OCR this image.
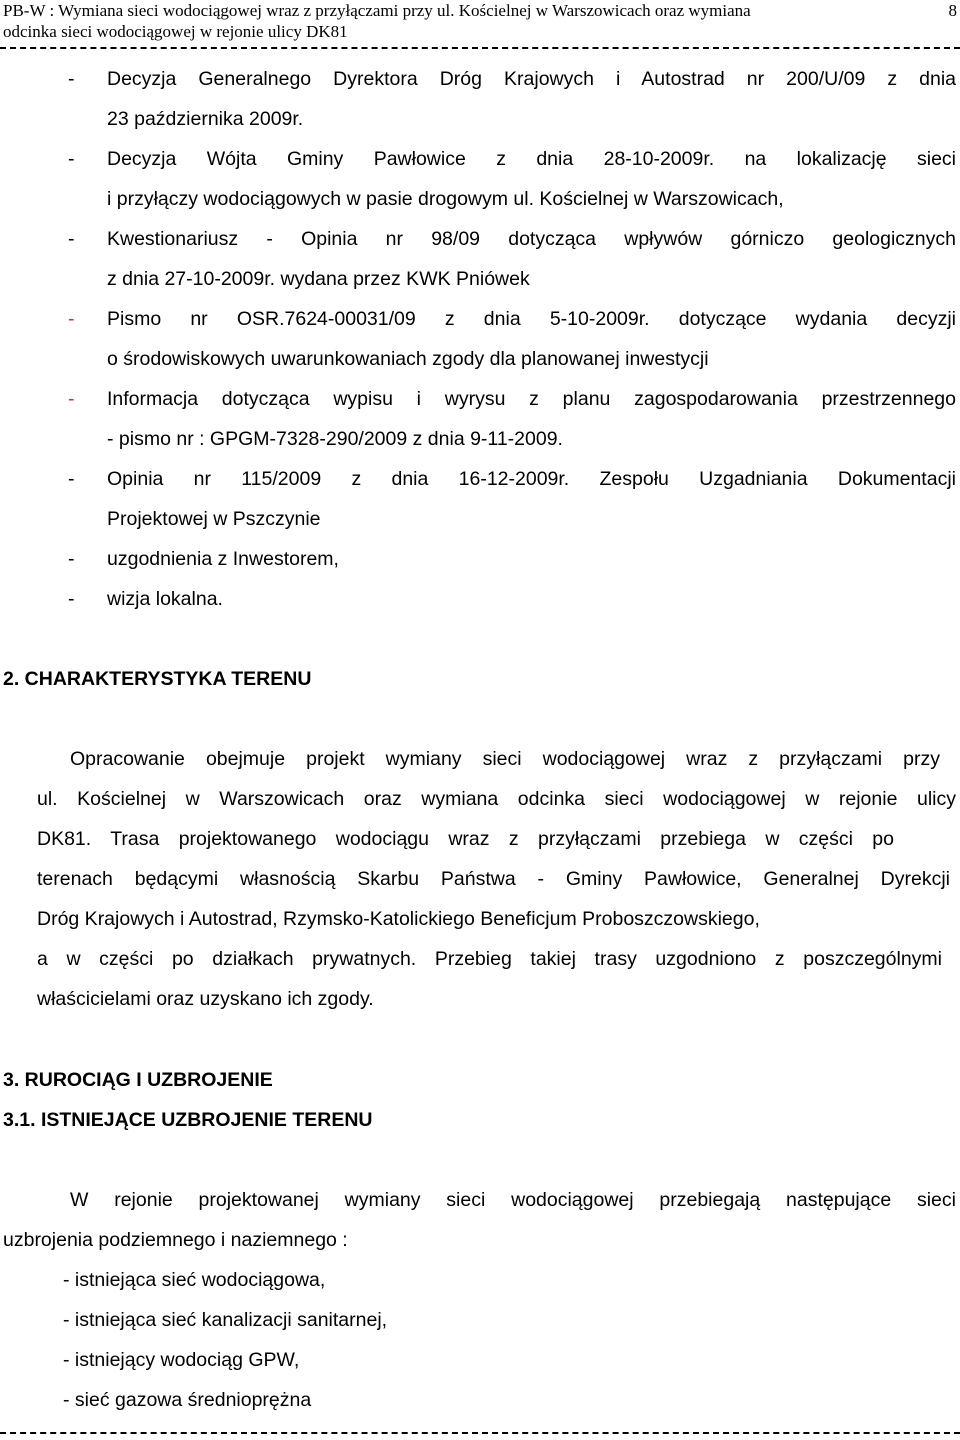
PB-W : Wymiana sieci wodociągowej wraz z przyłączami przy ul. Kościelnej w Warszowicach oraz wymiana
odcinka sieci wodociągowej w rejonie ulicy DK81
8
- Decyzja Generalnego Dyrektora Dróg Krajowych i Autostrad nr 200/U/09 z dnia
23 października 2009r.
- Decyzja Wójta Gminy Pawłowice z dnia 28-10-2009r. na lokalizację sieci
i przyłączy wodociągowych w pasie drogowym ul. Kościelnej w Warszowicach,
- Kwestionariusz - Opinia nr 98/09 dotycząca wpływów górniczo geologicznych
z dnia 27-10-2009r. wydana przez KWK Pniówek
- Pismo nr OSR.7624-00031/09 z dnia 5-10-2009r. dotyczące wydania decyzji
o środowiskowych uwarunkowaniach zgody dla planowanej inwestycji
- Informacja dotycząca wypisu i wyrysu z planu zagospodarowania przestrzennego
- pismo nr : GPGM-7328-290/2009 z dnia 9-11-2009.
- Opinia nr 115/2009 z dnia 16-12-2009r. Zespołu Uzgadniania Dokumentacji
Projektowej w Pszczynie
- uzgodnienia z Inwestorem,
- wizja lokalna.
2. CHARAKTERYSTYKA TERENU
Opracowanie obejmuje projekt wymiany sieci wodociągowej wraz z przyłączami przy
ul. Kościelnej w Warszowicach oraz wymiana odcinka sieci wodociągowej w rejonie ulicy
DK81. Trasa projektowanego wodociągu wraz z przyłączami przebiega w części po
terenach będącymi własnością Skarbu Państwa - Gminy Pawłowice, Generalnej Dyrekcji
Dróg Krajowych i Autostrad, Rzymsko-Katolickiego Beneficjum Proboszczowskiego,
a w części po działkach prywatnych. Przebieg takiej trasy uzgodniono z poszczególnymi
właścicielami oraz uzyskano ich zgody.
3. RUROCIĄG I UZBROJENIE
3.1. ISTNIEJĄCE UZBROJENIE TERENU
W rejonie projektowanej wymiany sieci wodociągowej przebiegają następujące sieci
uzbrojenia podziemnego i naziemnego :
- istniejąca sieć wodociągowa,
- istniejąca sieć kanalizacji sanitarnej,
- istniejący wodociąg GPW,
- sieć gazowa średnioprężna
